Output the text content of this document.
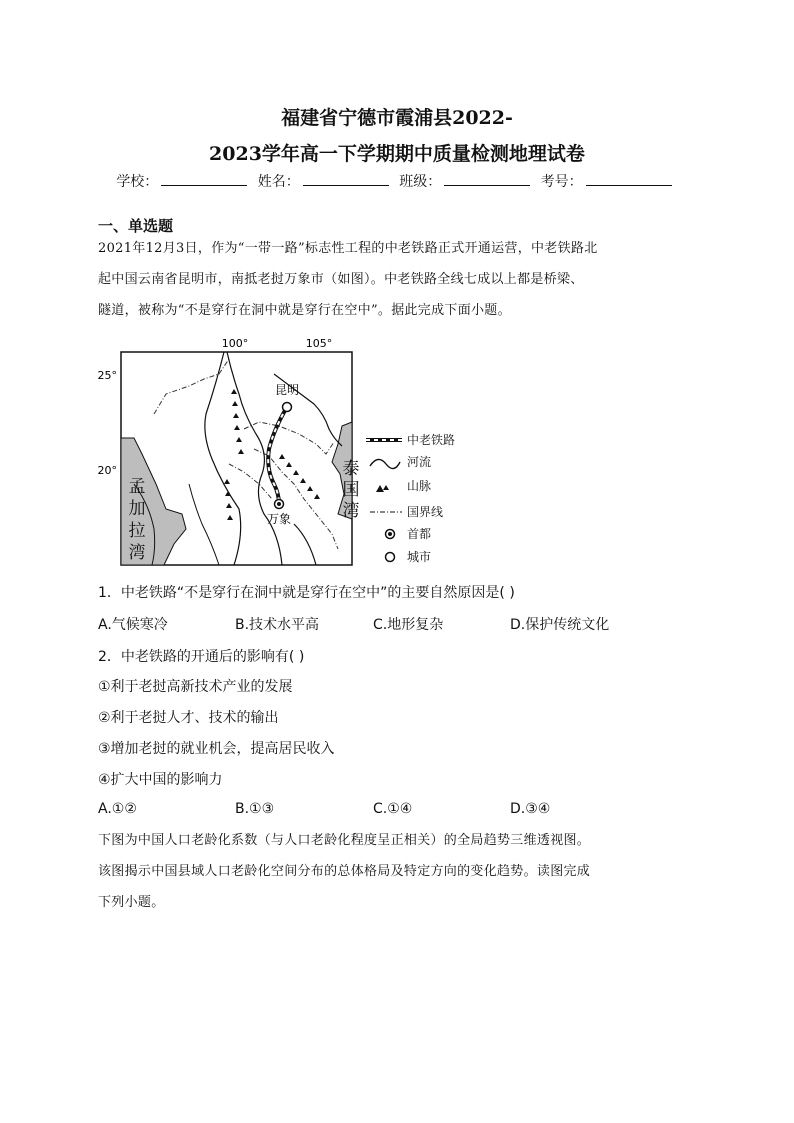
福建省宁德市霞浦县2022-
2023学年高一下学期期中质量检测地理试卷
学校：	姓名：	班级：	考号：
一、单选题
2021年12月3日，作为“一带一路”标志性工程的中老铁路正式开通运营，中老铁路北
起中国云南省昆明市，南抵老挝万象市（如图）。中老铁路全线七成以上都是桥梁、
隧道，被称为“不是穿行在洞中就是穿行在空中”。据此完成下面小题。
昆明
万象
100°	105°
25°
20°
孟
加
拉
湾
泰
国
湾
中老铁路
河流
山脉
国界线
首都
城市
1．中老铁路“不是穿行在洞中就是穿行在空中”的主要自然原因是( )
A.气候寒冷	B.技术水平高	C.地形复杂	D.保护传统文化
2．中老铁路的开通后的影响有( )
①利于老挝高新技术产业的发展
②利于老挝人才、技术的输出
③增加老挝的就业机会，提高居民收入
④扩大中国的影响力
A.①②	B.①③	C.①④	D.③④
下图为中国人口老龄化系数（与人口老龄化程度呈正相关）的全局趋势三维透视图。
该图揭示中国县域人口老龄化空间分布的总体格局及特定方向的变化趋势。读图完成
下列小题。
